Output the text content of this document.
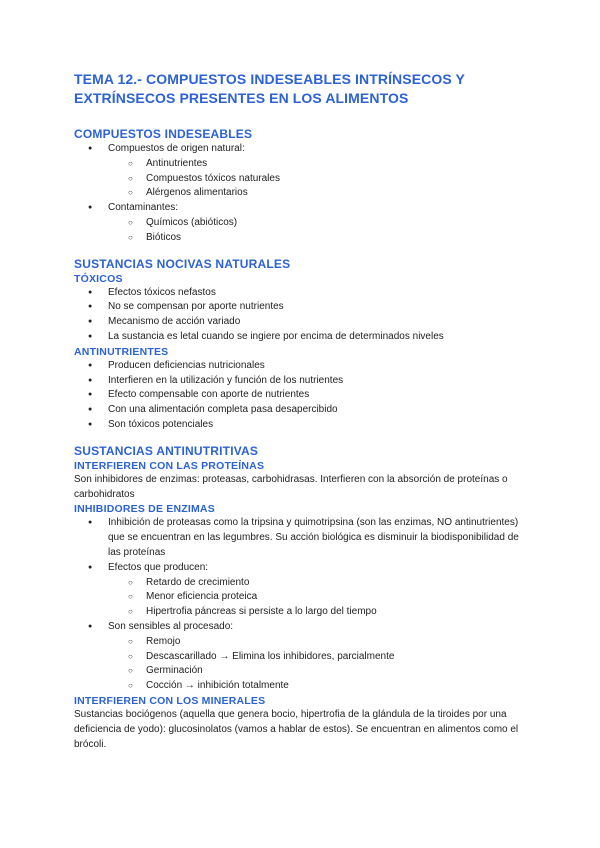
TEMA 12.- COMPUESTOS INDESEABLES INTRÍNSECOS Y EXTRÍNSECOS PRESENTES EN LOS ALIMENTOS
COMPUESTOS INDESEABLES
● Compuestos de origen natural:
○ Antinutrientes
○ Compuestos tóxicos naturales
○ Alérgenos alimentarios
● Contaminantes:
○ Químicos (abióticos)
○ Bióticos
SUSTANCIAS NOCIVAS NATURALES
TÓXICOS
● Efectos tóxicos nefastos
● No se compensan por aporte nutrientes
● Mecanismo de acción variado
● La sustancia es letal cuando se ingiere por encima de determinados niveles
ANTINUTRIENTES
● Producen deficiencias nutricionales
● Interfieren en la utilización y función de los nutrientes
● Efecto compensable con aporte de nutrientes
● Con una alimentación completa pasa desapercibido
● Son tóxicos potenciales
SUSTANCIAS ANTINUTRITIVAS
INTERFIEREN CON LAS PROTEÍNAS

Son inhibidores de enzimas: proteasas, carbohidrasas. Interfieren con la absorción de proteínas o carbohidratos

INHIBIDORES DE ENZIMAS
● Inhibición de proteasas como la tripsina y quimotripsina (son las enzimas, NO antinutrientes) que se encuentran en las legumbres. Su acción biológica es disminuir la biodisponibilidad de las proteínas
● Efectos que producen:
○ Retardo de crecimiento
○ Menor eficiencia proteica
○ Hipertrofia páncreas si persiste a lo largo del tiempo
● Son sensibles al procesado:
○ Remojo
○ Descascarillado → Elimina los inhibidores, parcialmente
○ Germinación
○ Cocción → inhibición totalmente
INTERFIEREN CON LOS MINERALES

Sustancias bociógenos (aquella que genera bocio, hipertrofia de la glándula de la tiroides por una deficiencia de yodo): glucosinolatos (vamos a hablar de estos). Se encuentran en alimentos como el brócoli.
